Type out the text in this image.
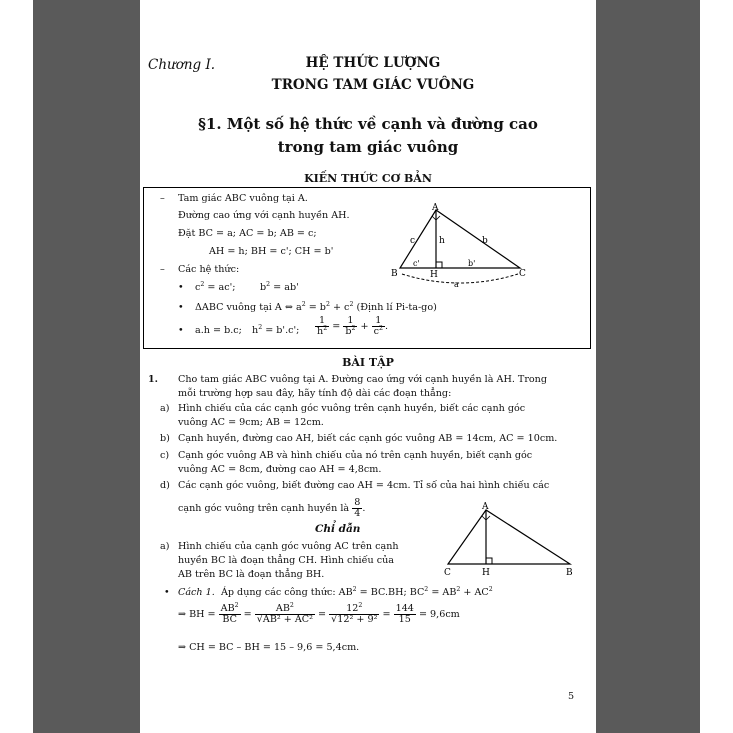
Chương I.	HỆ THỨC LƯỢNG
TRONG TAM GIÁC VUÔNG
§1. Một số hệ thức về cạnh và đường cao
trong tam giác vuông
KIẾN THỨC CƠ BẢN
– Tam giác ABC vuông tại A.
Đường cao ứng với cạnh huyền AH.
Đặt BC = a; AC = b; AB = c;
AH = h; BH = c'; CH = b'
– Các hệ thức:
• $c^2 = ac'$;	$b^2 = ab'$
• ΔABC vuông tại A ⇔ $a^2 = b^2 + c^2$ (Định lí Pi-ta-go)
• a.h = b.c; $h^2 = b'.c'$; $\frac{1}{h^2} = \frac{1}{b^2} + \frac{1}{c^2}$ .
A
B	C
H
h	b
c
c'	b'
a
BÀI TẬP
1. Cho tam giác ABC vuông tại A. Đường cao ứng với cạnh huyền là AH. Trong
mỗi trường hợp sau đây, hãy tính độ dài các đoạn thẳng:
a) Hình chiếu của các cạnh góc vuông trên cạnh huyền, biết các cạnh góc
vuông AC = 9cm; AB = 12cm.
b) Cạnh huyền, đường cao AH, biết các cạnh góc vuông AB = 14cm, AC = 10cm.
c) Cạnh góc vuông AB và hình chiếu của nó trên cạnh huyền, biết cạnh góc
vuông AC = 8cm, đường cao AH = 4,8cm.
d) Các cạnh góc vuông, biết đường cao AH = 4cm. Tỉ số của hai hình chiếu các
cạnh góc vuông trên cạnh huyền là $\frac{8}{4}$ .
Chỉ dẫn
a) Hình chiếu của cạnh góc vuông AC trên cạnh
huyền BC là đoạn thẳng CH. Hình chiếu của
AB trên BC là đoạn thẳng BH.
• Cách 1. Áp dụng các công thức: $AB^2 = BC.BH$; $BC^2 = AB^2 + AC^2$
⇒ BH = $\frac{AB^2}{BC} = \frac{AB^2}{\text{√AB² + AC²}} = \frac{12^2}{\text{√12² + 9²}} = \frac{144}{15} = 9,6cm$
⇒ CH = BC – BH = 15 – 9,6 = 5,4cm.
A
C	H	B
5
